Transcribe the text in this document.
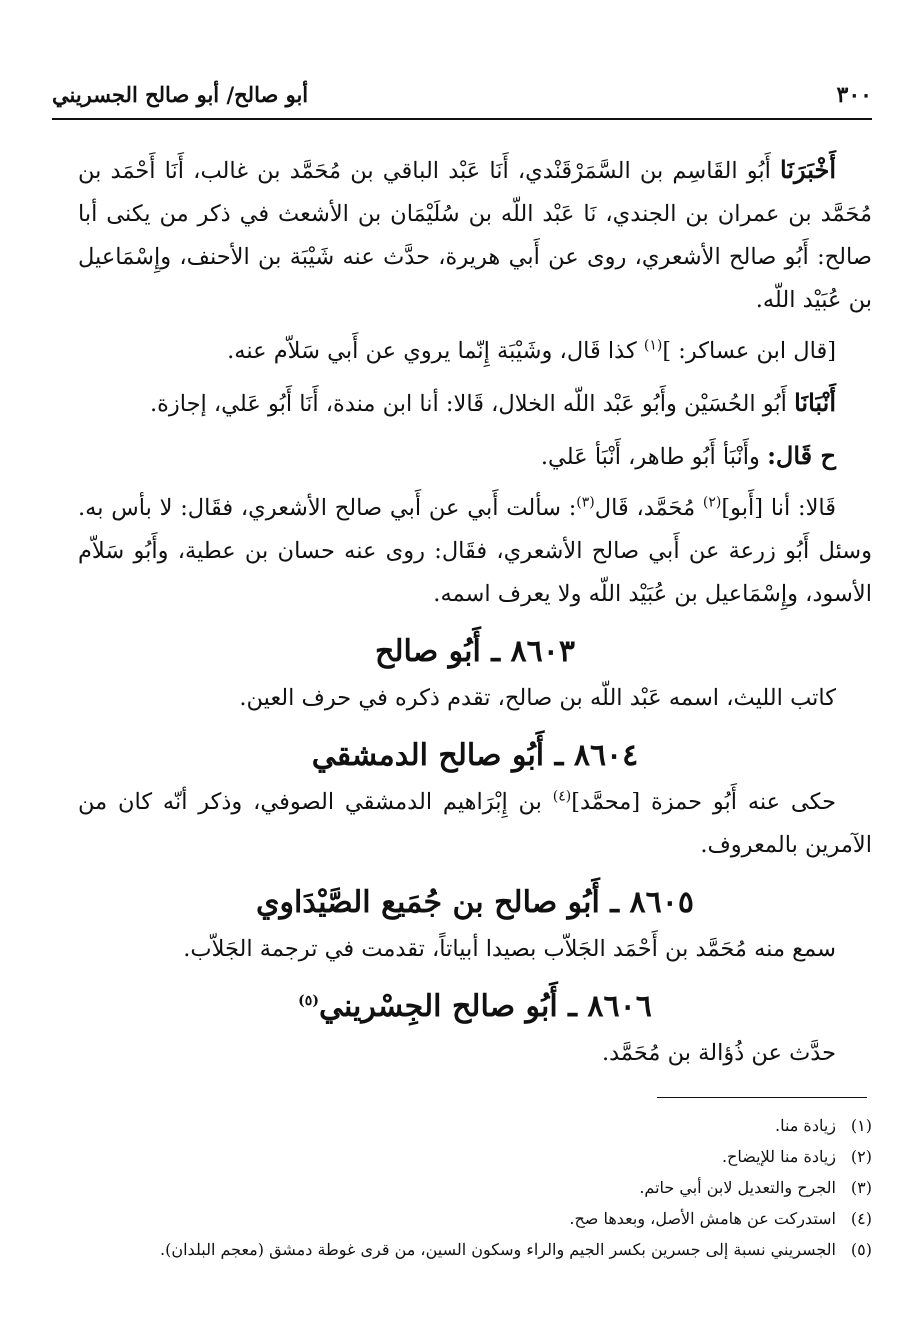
٣٠٠
أبو صالح/ أبو صالح الجسريني

أَخْبَرَنَا أَبُو القَاسِم بن السَّمَرْقَنْدي، أَنَا عَبْد الباقي بن مُحَمَّد بن غالب، أَنَا أَحْمَد بن مُحَمَّد بن عمران بن الجندي، نَا عَبْد اللّه بن سُلَيْمَان بن الأشعث في ذكر من يكنى أبا صالح: أَبُو صالح الأشعري، روى عن أَبي هريرة، حدَّث عنه شَيْبَة بن الأحنف، وإِسْمَاعيل بن عُبَيْد اللّه.

[قال ابن عساكر: ]$^{(١)}$ كذا قَال، وشَيْبَة إِنّما يروي عن أَبي سَلاّم عنه.

أَنْبَانَا أَبُو الحُسَيْن وأَبُو عَبْد اللّه الخلال، قَالا: أنا ابن مندة، أَنَا أَبُو عَلي، إجازة.

ح قَال: وأَنْبَأ أَبُو طاهر، أَنْبَأ عَلي.

قَالا: أنا [أَبو]$^{(٢)}$ مُحَمَّد، قَال$^{(٣)}$: سألت أَبي عن أَبي صالح الأشعري، فقَال: لا بأس به. وسئل أَبُو زرعة عن أَبي صالح الأشعري، فقَال: روى عنه حسان بن عطية، وأَبُو سَلاّم الأسود، وإِسْمَاعيل بن عُبَيْد اللّه ولا يعرف اسمه.

٨٦٠٣ ـ أَبُو صالح

كاتب الليث، اسمه عَبْد اللّه بن صالح، تقدم ذكره في حرف العين.

٨٦٠٤ ـ أَبُو صالح الدمشقي

حكى عنه أَبُو حمزة [محمَّد]$^{(٤)}$ بن إِبْرَاهيم الدمشقي الصوفي، وذكر أنّه كان من الآمرين بالمعروف.

٨٦٠٥ ـ أَبُو صالح بن جُمَيع الصَّيْدَاوي

سمع منه مُحَمَّد بن أَحْمَد الجَلاّب بصيدا أبياتاً، تقدمت في ترجمة الجَلاّب.

٨٦٠٦ ـ أَبُو صالح الجِسْريني$^{(٥)}$

حدَّث عن ذُؤالة بن مُحَمَّد.

(١)زيادة منا.
(٢)زيادة منا للإيضاح.
(٣)الجرح والتعديل لابن أبي حاتم.
(٤)استدركت عن هامش الأصل، وبعدها صح.
(٥)الجسريني نسبة إلى جسرين بكسر الجيم والراء وسكون السين، من قرى غوطة دمشق (معجم البلدان).
